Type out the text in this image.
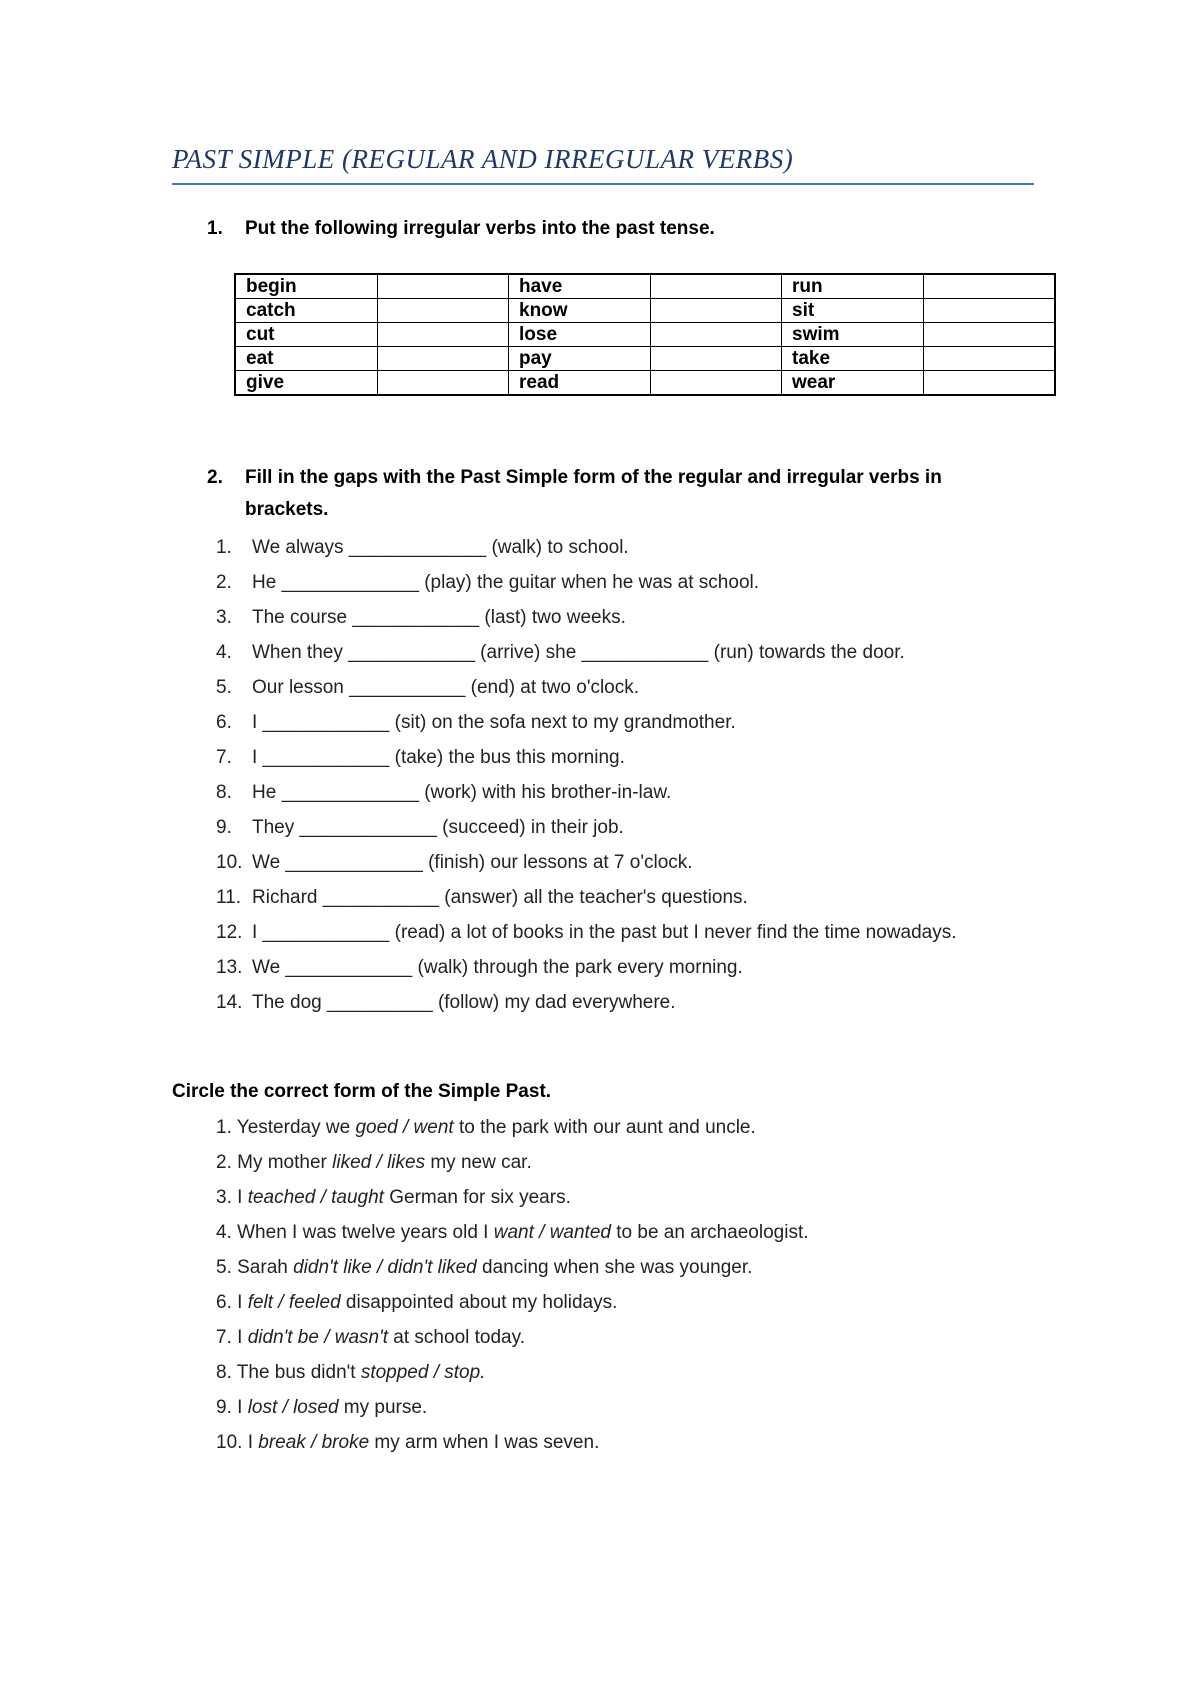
PAST SIMPLE (REGULAR AND IRREGULAR VERBS)
1. Put the following irregular verbs into the past tense.
begin		have		run	
catch		know		sit	
cut		lose		swim	
eat		pay		take	
give		read		wear	
2. Fill in the gaps with the Past Simple form of the regular and irregular verbs in brackets.
1. We always _____________ (walk) to school.
2. He _____________ (play) the guitar when he was at school.
3. The course ____________ (last) two weeks.
4. When they ____________ (arrive) she ____________ (run) towards the door.
5. Our lesson ___________ (end) at two o'clock.
6. I ____________ (sit) on the sofa next to my grandmother.
7. I ____________ (take) the bus this morning.
8. He _____________ (work) with his brother-in-law.
9. They _____________ (succeed) in their job.
10. We _____________ (finish) our lessons at 7 o'clock.
11. Richard ___________ (answer) all the teacher's questions.
12. I ____________ (read) a lot of books in the past but I never find the time nowadays.
13. We ____________ (walk) through the park every morning.
14. The dog __________ (follow) my dad everywhere.
Circle the correct form of the Simple Past.
1. Yesterday we goed / went to the park with our aunt and uncle.
2. My mother liked / likes my new car.
3. I teached / taught German for six years.
4. When I was twelve years old I want / wanted to be an archaeologist.
5. Sarah didn't like / didn't liked dancing when she was younger.
6. I felt / feeled disappointed about my holidays.
7. I didn't be / wasn't at school today.
8. The bus didn't stopped / stop.
9. I lost / losed my purse.
10. I break / broke my arm when I was seven.
